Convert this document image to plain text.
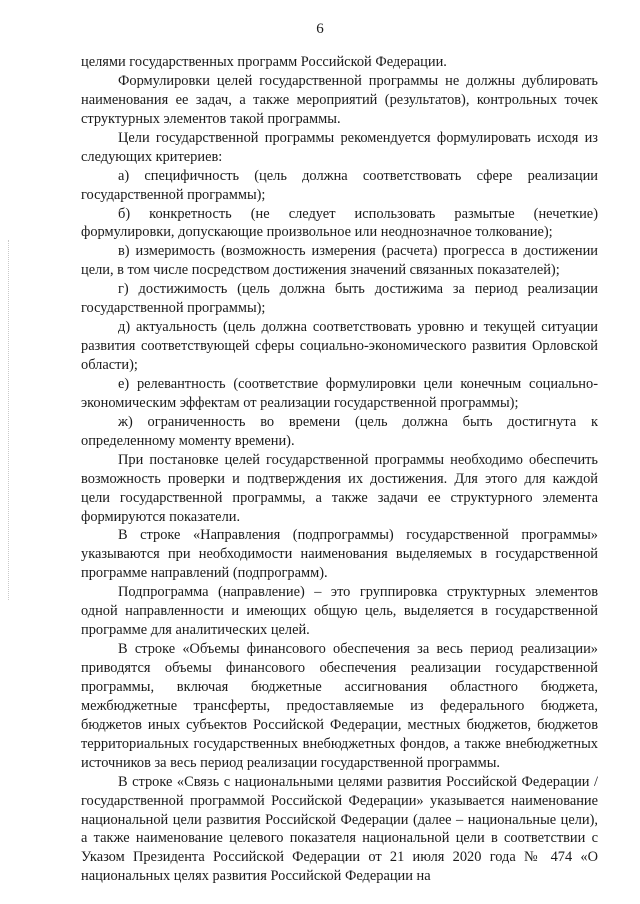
6

целями государственных программ Российской Федерации.

Формулировки целей государственной программы не должны дублировать наименования ее задач, а также мероприятий (результатов), контрольных точек структурных элементов такой программы.

Цели государственной программы рекомендуется формулировать исходя из следующих критериев:

а) специфичность (цель должна соответствовать сфере реализации государственной программы);

б) конкретность (не следует использовать размытые (нечеткие) формулировки, допускающие произвольное или неоднозначное толкование);

в) измеримость (возможность измерения (расчета) прогресса в достижении цели, в том числе посредством достижения значений связанных показателей);

г) достижимость (цель должна быть достижима за период реализации государственной программы);

д) актуальность (цель должна соответствовать уровню и текущей ситуации развития соответствующей сферы социально-экономического развития Орловской области);

е) релевантность (соответствие формулировки цели конечным социально-экономическим эффектам от реализации государственной программы);

ж) ограниченность во времени (цель должна быть достигнута к определенному моменту времени).

При постановке целей государственной программы необходимо обеспечить возможность проверки и подтверждения их достижения. Для этого для каждой цели государственной программы, а также задачи ее структурного элемента формируются показатели.

В строке «Направления (подпрограммы) государственной программы» указываются при необходимости наименования выделяемых в государственной программе направлений (подпрограмм).

Подпрограмма (направление) – это группировка структурных элементов одной направленности и имеющих общую цель, выделяется в государственной программе для аналитических целей.

В строке «Объемы финансового обеспечения за весь период реализации» приводятся объемы финансового обеспечения реализации государственной программы, включая бюджетные ассигнования областного бюджета, межбюджетные трансферты, предоставляемые из федерального бюджета, бюджетов иных субъектов Российской Федерации, местных бюджетов, бюджетов территориальных государственных внебюджетных фондов, а также внебюджетных источников за весь период реализации государственной программы.

В строке «Связь с национальными целями развития Российской Федерации / государственной программой Российской Федерации» указывается наименование национальной цели развития Российской Федерации (далее – национальные цели), а также наименование целевого показателя национальной цели в соответствии с Указом Президента Российской Федерации от 21 июля 2020 года № 474 «О национальных целях развития Российской Федерации на
